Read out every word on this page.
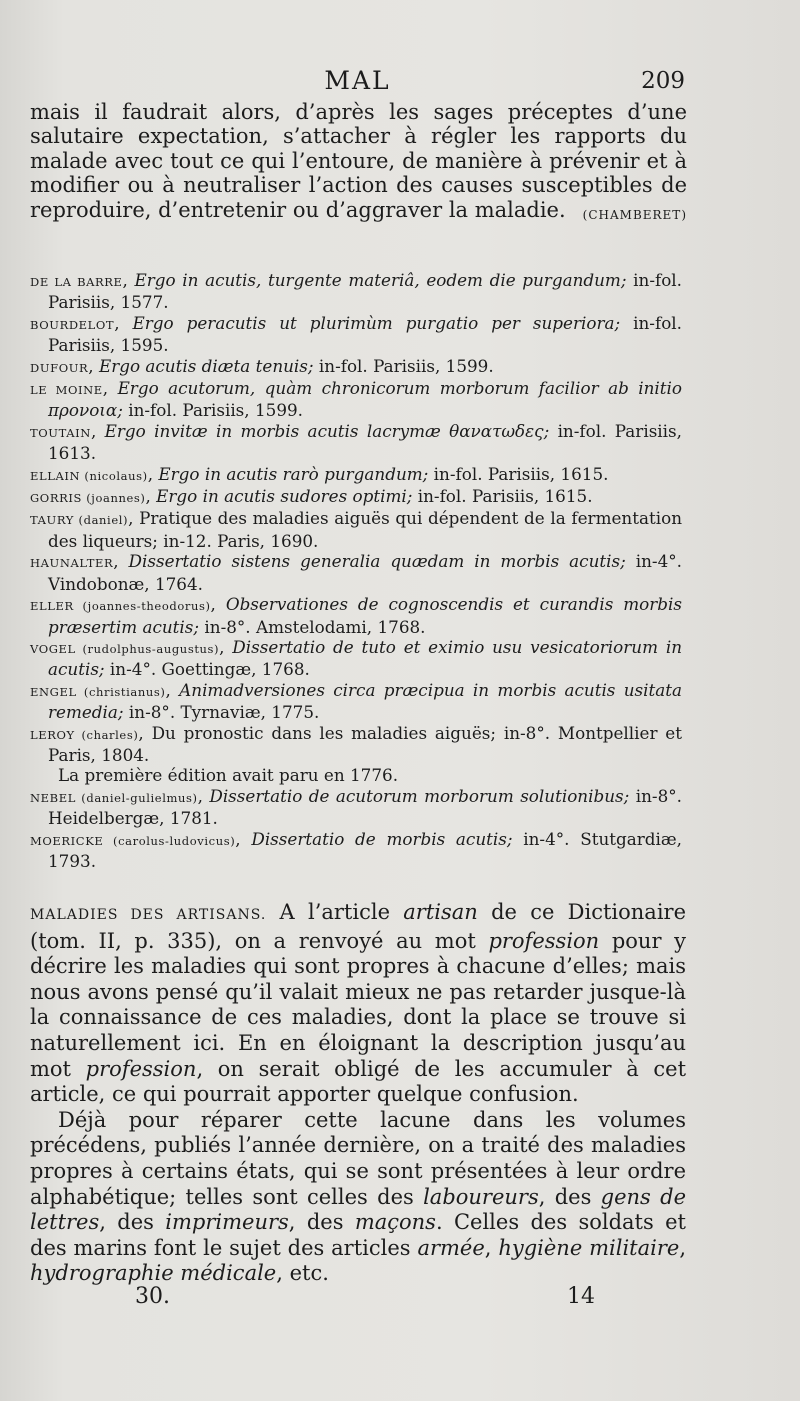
MAL	209
mais il faudrait alors, d’après les sages préceptes d’une salutaire expectation, s’attacher à régler les rapports du malade avec tout ce qui l’entoure, de manière à prévenir et à modifier ou à neutraliser l’action des causes susceptibles de reproduire, d’entretenir ou d’aggraver la maladie. (CHAMBERET)
DE LA BARRE, Ergo in acutis, turgente materiâ, eodem die purgandum; in-fol. Parisiis, 1577.
BOURDELOT, Ergo peracutis ut plurimùm purgatio per superiora; in-fol. Parisiis, 1595.
DUFOUR, Ergo acutis diæta tenuis; in-fol. Parisiis, 1599.
LE MOINE, Ergo acutorum, quàm chronicorum morborum facilior ab initio προνοια; in-fol. Parisiis, 1599.
TOUTAIN, Ergo invitæ in morbis acutis lacrymæ θανατωδες; in-fol. Parisiis, 1613.
ELLAIN (nicolaus), Ergo in acutis rarò purgandum; in-fol. Parisiis, 1615.
GORRIS (joannes), Ergo in acutis sudores optimi; in-fol. Parisiis, 1615.
TAURY (daniel), Pratique des maladies aiguës qui dépendent de la fermentation des liqueurs; in-12. Paris, 1690.
HAUNALTER, Dissertatio sistens generalia quædam in morbis acutis; in-4°. Vindobonæ, 1764.
ELLER (joannes-theodorus), Observationes de cognoscendis et curandis morbis præsertim acutis; in-8°. Amstelodami, 1768.
VOGEL (rudolphus-augustus), Dissertatio de tuto et eximio usu vesicatoriorum in acutis; in-4°. Goettingæ, 1768.
ENGEL (christianus), Animadversiones circa præcipua in morbis acutis usitata remedia; in-8°. Tyrnaviæ, 1775.
LEROY (charles), Du pronostic dans les maladies aiguës; in-8°. Montpellier et Paris, 1804.
La première édition avait paru en 1776.
NEBEL (daniel-gulielmus), Dissertatio de acutorum morborum solutionibus; in-8°. Heidelbergæ, 1781.
MOERICKE (carolus-ludovicus), Dissertatio de morbis acutis; in-4°. Stutgardiæ, 1793.

MALADIES DES ARTISANS. A l’article artisan de ce Dictionaire (tom. II, p. 335), on a renvoyé au mot profession pour y décrire les maladies qui sont propres à chacune d’elles; mais nous avons pensé qu’il valait mieux ne pas retarder jusque-là la connaissance de ces maladies, dont la place se trouve si naturellement ici. En en éloignant la description jusqu’au mot profession, on serait obligé de les accumuler à cet article, ce qui pourrait apporter quelque confusion.

Déjà pour réparer cette lacune dans les volumes précédens, publiés l’année dernière, on a traité des maladies propres à certains états, qui se sont présentées à leur ordre alphabétique; telles sont celles des laboureurs, des gens de lettres, des imprimeurs, des maçons. Celles des soldats et des marins font le sujet des articles armée, hygiène militaire, hydrographie médicale, etc.

30.	14
